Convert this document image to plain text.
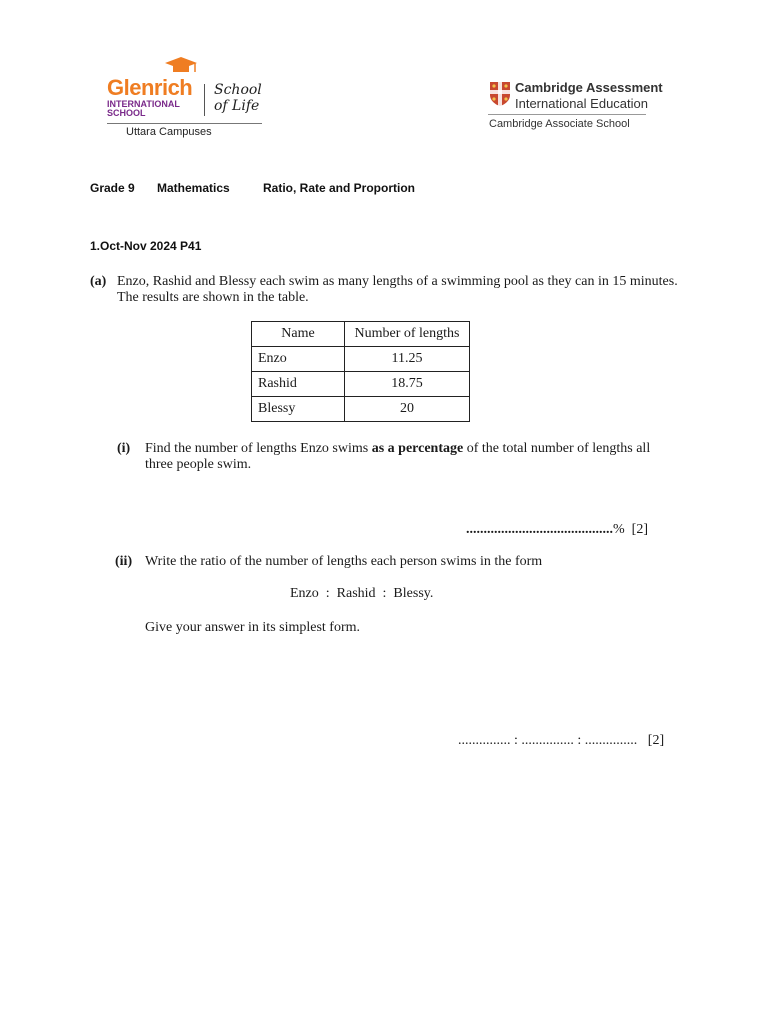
Glenrich
INTERNATIONAL
SCHOOL
School
of Life
Uttara Campuses
Cambridge Assessment
International Education
Cambridge Associate School
Grade 9 Mathematics	Ratio, Rate and Proportion
1.Oct-Nov 2024 P41
(a) Enzo, Rashid and Blessy each swim as many lengths of a swimming pool as they can in 15 minutes.
The results are shown in the table.
Name	Number of lengths
Enzo	11.25
Rashid	18.75
Blessy	20
(i) Find the number of lengths Enzo swims as a percentage of the total number of lengths all
three people swim.
..........................................% [2]
(ii) Write the ratio of the number of lengths each person swims in the form
Enzo  :  Rashid  :  Blessy.
Give your answer in its simplest form.
............... : ............... : ............... [2]
